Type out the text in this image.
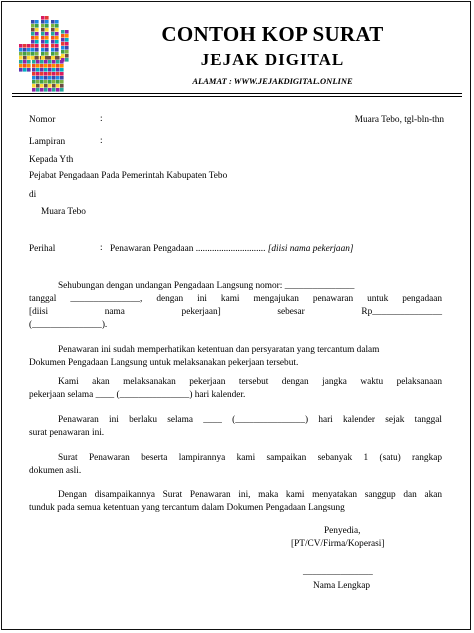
CONTOH KOP SURAT
JEJAK DIGITAL
ALAMAT : WWW.JEJAKDIGITAL.ONLINE
Nomor	:	Muara Tebo, tgl-bln-thn
Lampiran	:
Kepada Yth
Pejabat Pengadaan Pada Pemerintah Kabupaten Tebo
di
Muara Tebo
Perihal	: Penawaran Pengadaan .............................. [diisi nama pekerjaan]
Sehubungan dengan undangan Pengadaan Langsung nomor: _______________
tanggal _______________, dengan ini kami mengajukan penawaran untuk pengadaan
[diisi nama pekerjaan] sebesar Rp_______________
(_______________).
Penawaran ini sudah memperhatikan ketentuan dan persyaratan yang tercantum dalam
Dokumen Pengadaan Langsung untuk melaksanakan pekerjaan tersebut.
Kami akan melaksanakan pekerjaan tersebut dengan jangka waktu pelaksanaan
pekerjaan selama ____ (_______________) hari kalender.
Penawaran ini berlaku selama ____ (_______________) hari kalender sejak tanggal
surat penawaran ini.
Surat Penawaran beserta lampirannya kami sampaikan sebanyak 1 (satu) rangkap
dokumen asli.
Dengan disampaikannya Surat Penawaran ini, maka kami menyatakan sanggup dan akan
tunduk pada semua ketentuan yang tercantum dalam Dokumen Pengadaan Langsung
Penyedia,
[PT/CV/Firma/Koperasi]
_______________
Nama Lengkap
